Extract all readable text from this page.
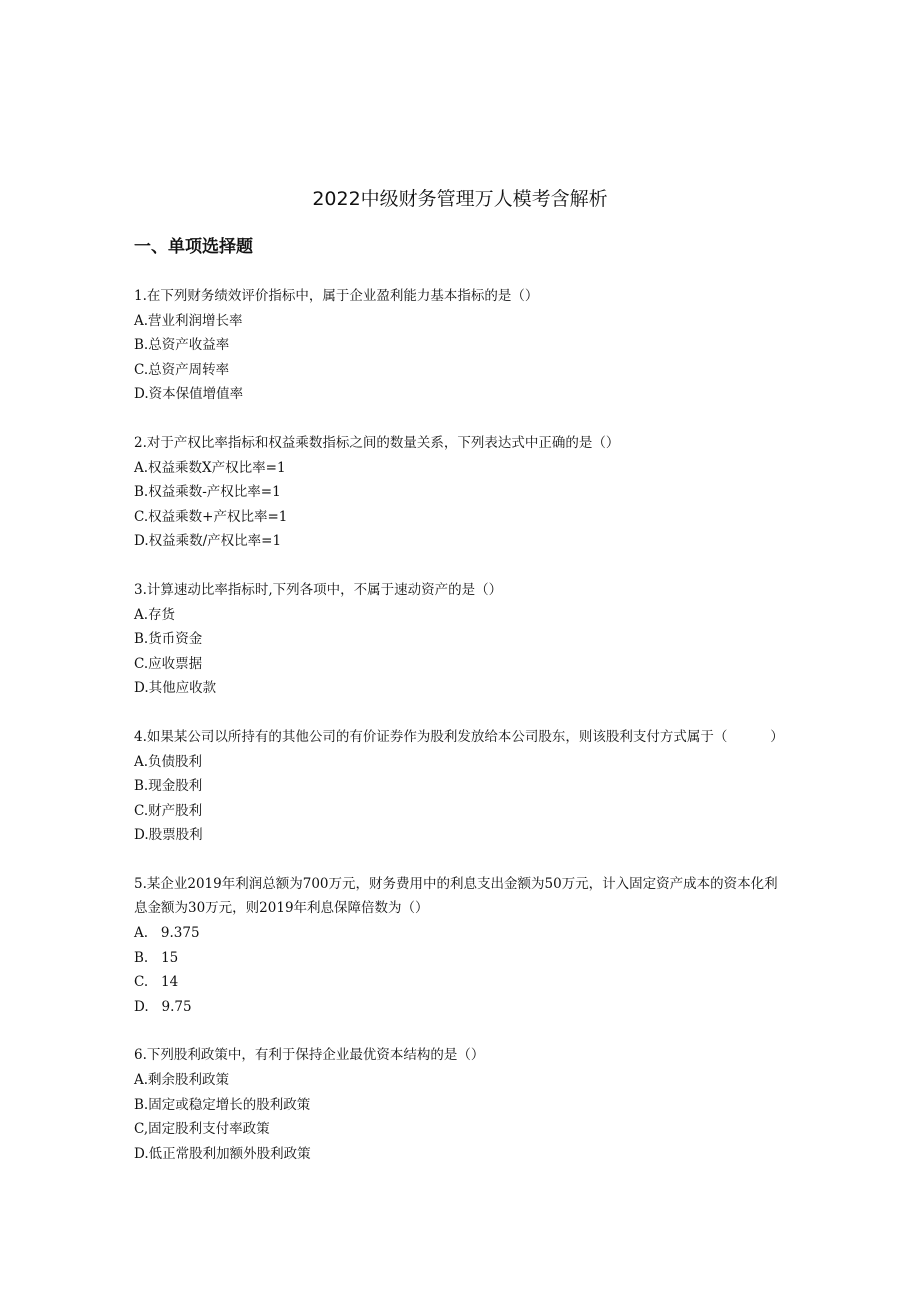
2022中级财务管理万人模考含解析
一、单项选择题
1.在下列财务绩效评价指标中，属于企业盈利能力基本指标的是（）
A.营业利润增长率
B.总资产收益率
C.总资产周转率
D.资本保值增值率
2.对于产权比率指标和权益乘数指标之间的数量关系，下列表达式中正确的是（）
A.权益乘数X产权比率=1
B.权益乘数-产权比率=1
C.权益乘数+产权比率=1
D.权益乘数/产权比率=1
3.计算速动比率指标时,下列各项中，不属于速动资产的是（）
A.存货
B.货币资金
C.应收票据
D.其他应收款
4.如果某公司以所持有的其他公司的有价证券作为股利发放给本公司股东，则该股利支付方式属于（          ）
A.负债股利
B.现金股利
C.财产股利
D.股票股利
5.某企业2019年利润总额为700万元，财务费用中的利息支出金额为50万元，计入固定资产成本的资本化利息金额为30万元，则2019年利息保障倍数为（）
A.   9.375
B.   15
C.   14
D.   9.75
6.下列股利政策中，有利于保持企业最优资本结构的是（）
A.剩余股利政策
B.固定或稳定增长的股利政策
C,固定股利支付率政策
D.低正常股利加额外股利政策
